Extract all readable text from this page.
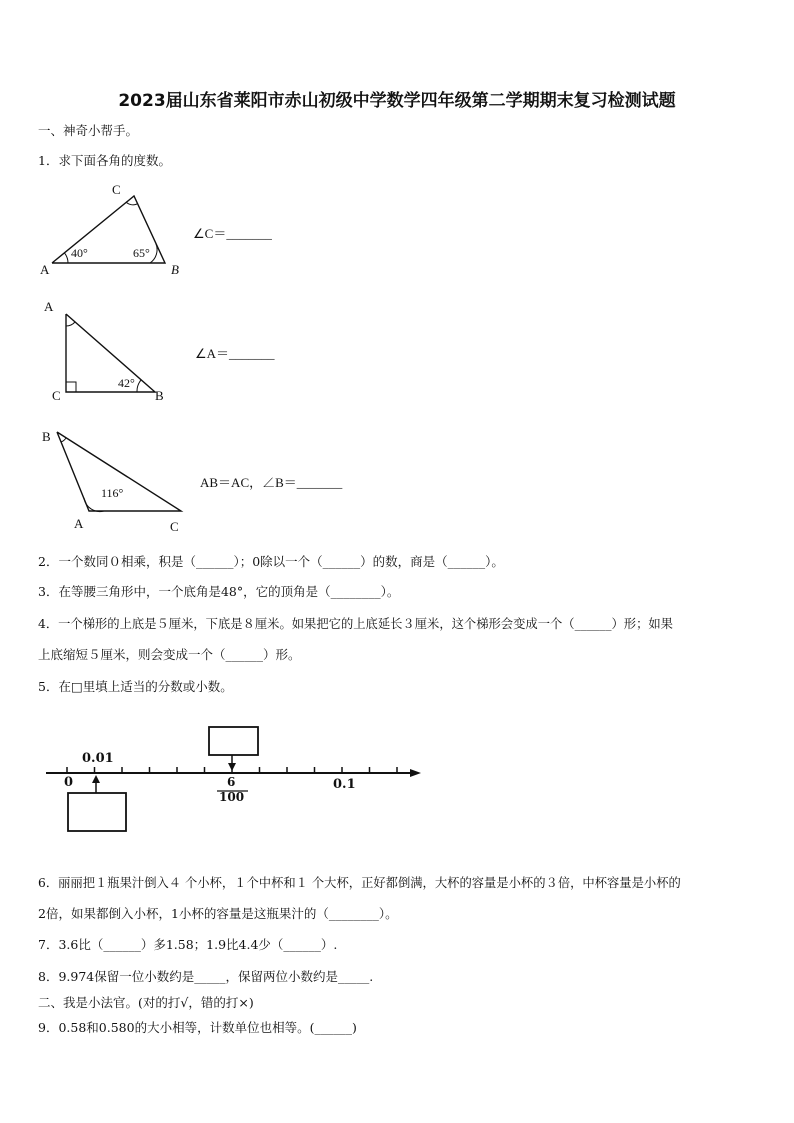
2023届山东省莱阳市赤山初级中学数学四年级第二学期期末复习检测试题
一、神奇小帮手。
1．求下面各角的度数。
C
A	B
40°	65°
∠C＝_______
A
C	B
42°
∠A＝_______
B
A	C
116°
AB＝AC，∠B＝_______
2．一个数同０相乘，积是（______）；0除以一个（______）的数，商是（______）。
3．在等腰三角形中，一个底角是48°，它的顶角是（________）。
4．一个梯形的上底是５厘米，下底是８厘米。如果把它的上底延长３厘米，这个梯形会变成一个（______）形；如果
上底缩短５厘米，则会变成一个（______）形。
5．在□里填上适当的分数或小数。
0
0.01
6
100
0.1
6．丽丽把１瓶果汁倒入４ 个小杯，１个中杯和１ 个大杯，正好都倒满，大杯的容量是小杯的３倍，中杯容量是小杯的
2倍，如果都倒入小杯，1小杯的容量是这瓶果汁的（________）。
7．3.6比（______）多1.58；1.9比4.4少（______）.
8．9.974保留一位小数约是_____，保留两位小数约是_____.
二、我是小法官。(对的打√，错的打×)
9．0.58和0.580的大小相等，计数单位也相等。(______)
